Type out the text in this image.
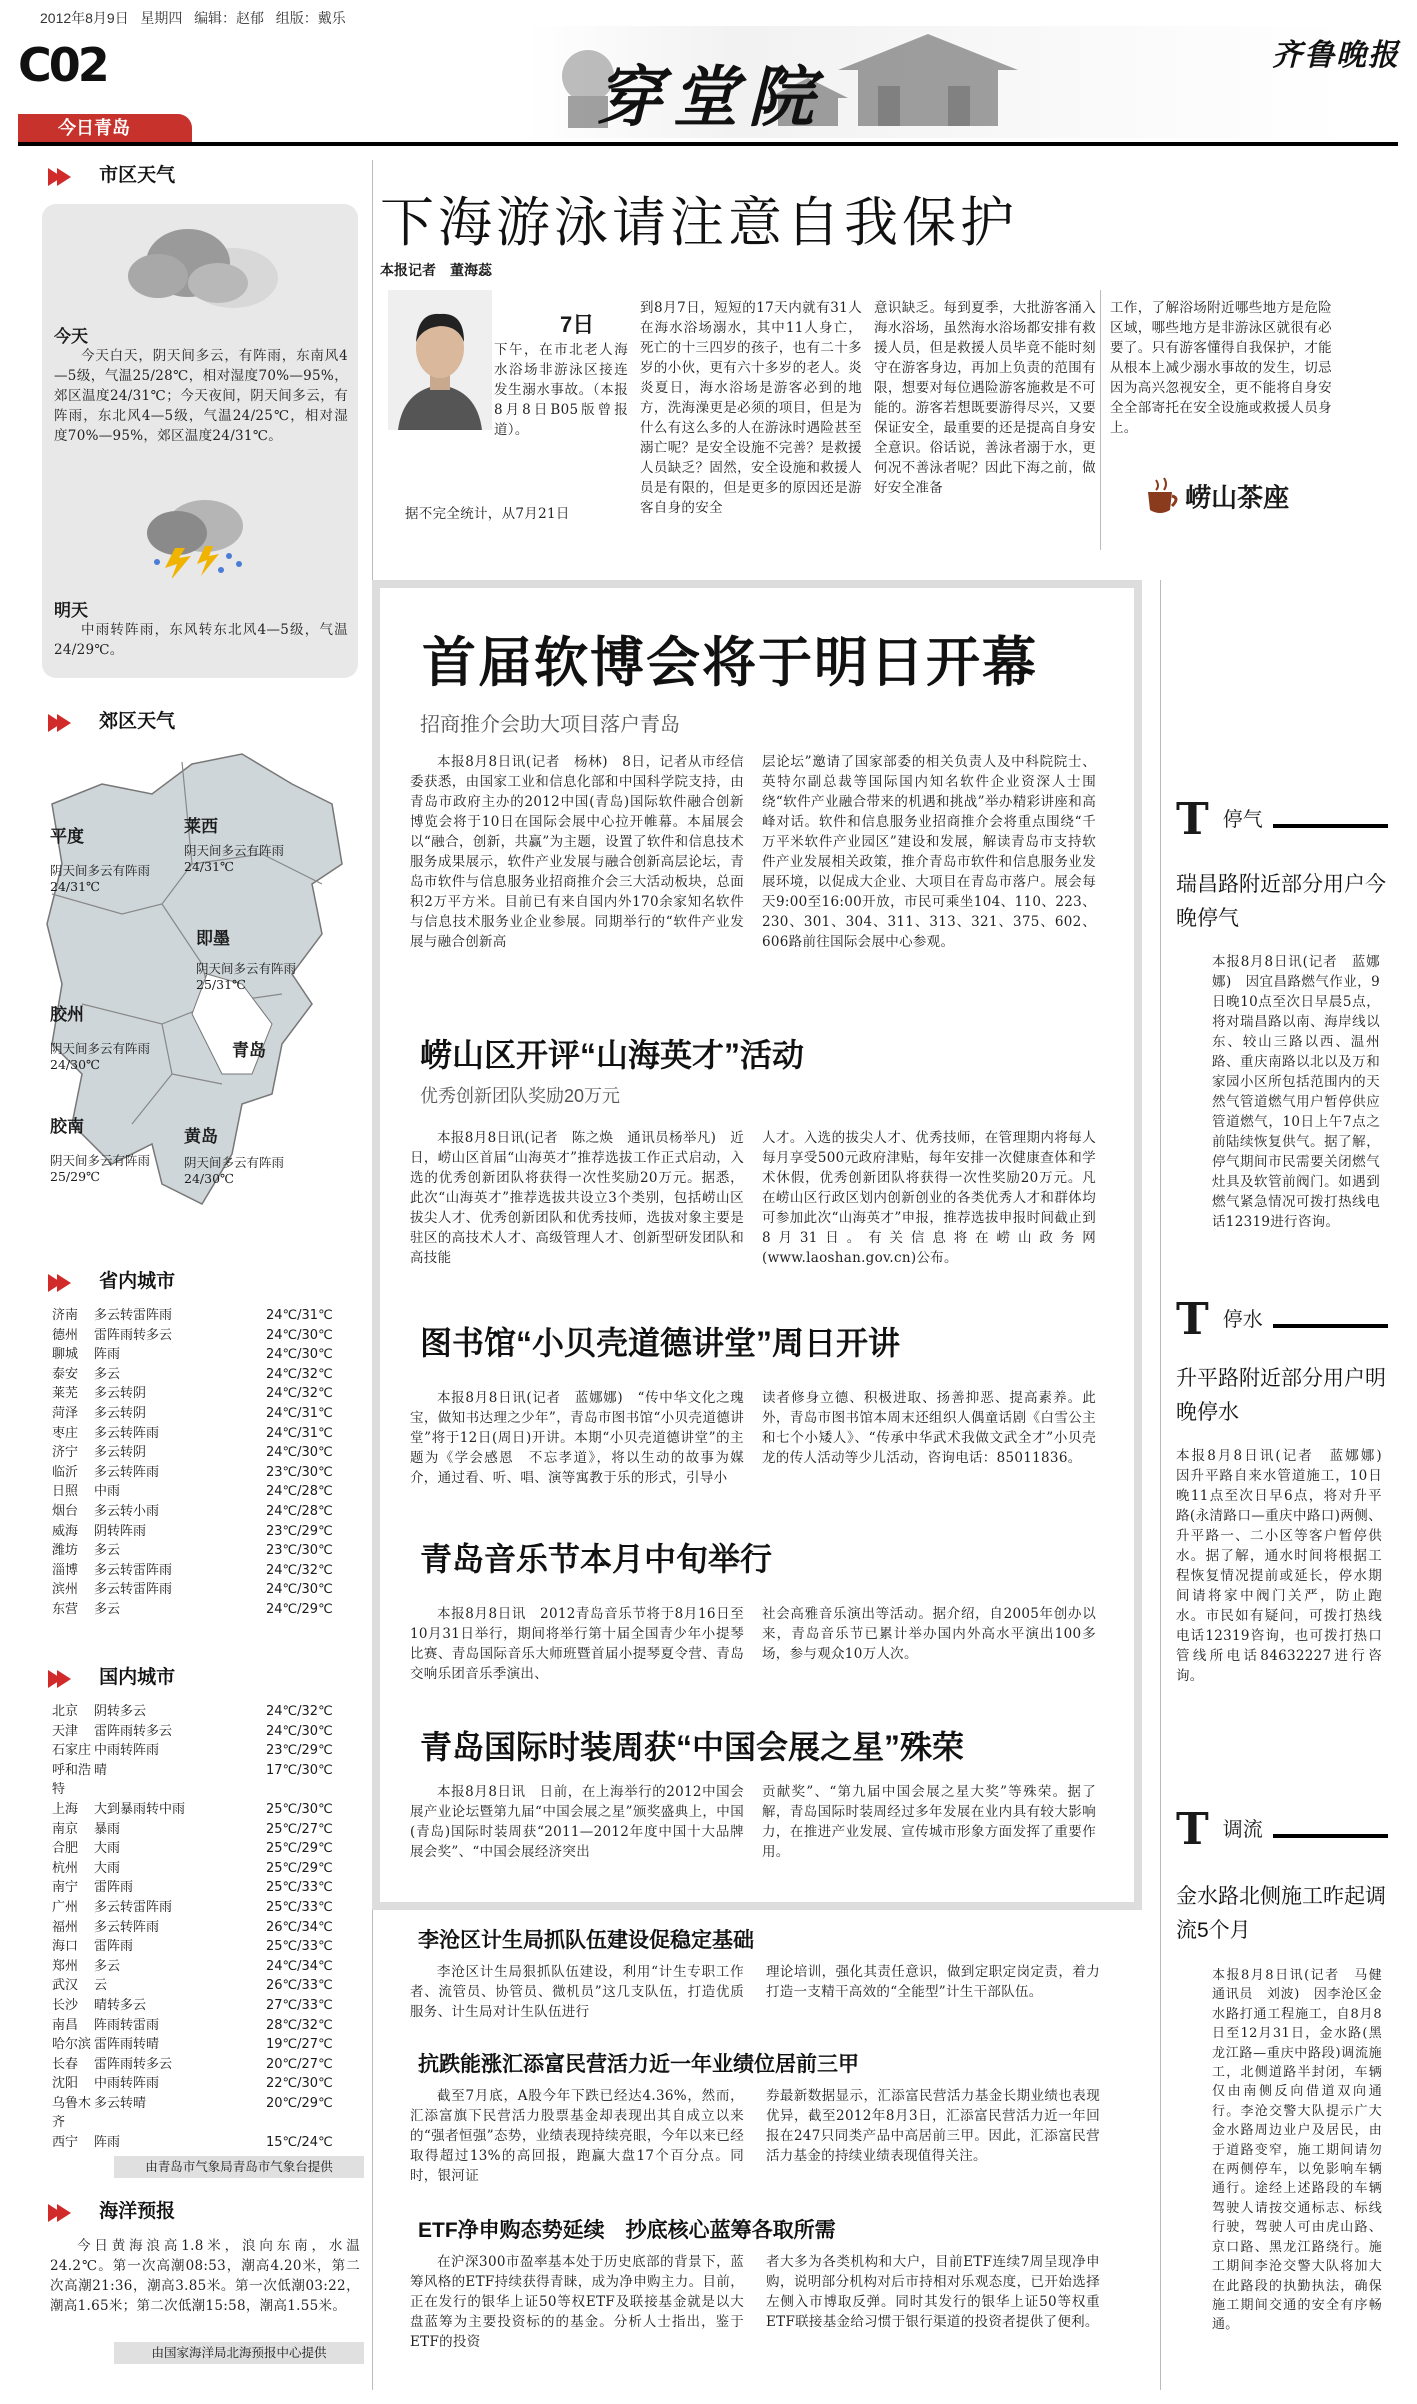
2012年8月9日 星期四 编辑：赵郁 组版：戴乐
C02
今日青岛	穿堂院
齐鲁晚报
市区天气
今天

今天白天，阴天间多云，有阵雨，东南风4—5级，气温25/28℃，相对湿度70%—95%，郊区温度24/31℃；今天夜间，阴天间多云，有阵雨，东北风4—5级，气温24/25℃，相对湿度70%—95%，郊区温度24/31℃。

明天

中雨转阵雨，东风转东北风4—5级，气温24/29℃。

郊区天气
平度
阴天间多云有阵雨
24/31℃
莱西
阴天间多云有阵雨
24/31℃
即墨
阴天间多云有阵雨
25/31℃
胶州
阴天间多云有阵雨
24/30℃
青岛
胶南
阴天间多云有阵雨
25/29℃
黄岛
阴天间多云有阵雨
24/30℃
省内城市
济南	多云转雷阵雨	24℃/31℃
德州	雷阵雨转多云	24℃/30℃
聊城	阵雨	24℃/30℃
泰安	多云	24℃/32℃
莱芜	多云转阴	24℃/32℃
菏泽	多云转阴	24℃/31℃
枣庄	多云转阵雨	24℃/31℃
济宁	多云转阴	24℃/30℃
临沂	多云转阵雨	23℃/30℃
日照	中雨	24℃/28℃
烟台	多云转小雨	24℃/28℃
威海	阴转阵雨	23℃/29℃
潍坊	多云	23℃/30℃
淄博	多云转雷阵雨	24℃/32℃
滨州	多云转雷阵雨	24℃/30℃
东营	多云	24℃/29℃
国内城市
北京	阴转多云	24℃/32℃
天津	雷阵雨转多云	24℃/30℃
石家庄 中雨转阵雨	23℃/29℃
呼和浩特
晴	17℃/30℃
上海	大到暴雨转中雨	25℃/30℃
南京	暴雨	25℃/27℃
合肥	大雨	25℃/29℃
杭州	大雨	25℃/29℃
南宁	雷阵雨	25℃/33℃
广州	多云转雷阵雨	25℃/33℃
福州	多云转阵雨	26℃/34℃
海口	雷阵雨	25℃/33℃
郑州	多云	24℃/34℃
武汉	云	26℃/33℃
长沙	晴转多云	27℃/33℃
南昌	阵雨转雷雨	28℃/32℃
哈尔滨 雷阵雨转晴	19℃/27℃
长春	雷阵雨转多云	20℃/27℃
沈阳	中雨转阵雨	22℃/30℃
乌鲁木齐
多云转晴	20℃/29℃
西宁	阵雨	15℃/24℃
由青岛市气象局青岛市气象台提供
海洋预报

今日黄海浪高1.8米，浪向东南，水温24.2℃。第一次高潮08:53，潮高4.20米，第二次高潮21:36，潮高3.85米。第一次低潮03:22，潮高1.65米；第二次低潮15:58，潮高1.55米。

由国家海洋局北海预报中心提供
下海游泳请注意自我保护
本报记者　董海蕊
7日
下午，在市北老人海水浴场非游泳区接连发生溺水事故。（本报8月8日B05版曾报道）。

据不完全统计，从7月21日

到8月7日，短短的17天内就有31人在海水浴场溺水，其中11人身亡，死亡的十三四岁的孩子，也有二十多岁的小伙，更有六十多岁的老人。炎炎夏日，海水浴场是游客必到的地方，洗海澡更是必须的项目，但是为什么有这么多的人在游泳时遇险甚至溺亡呢？是安全设施不完善？是救援人员缺乏？固然，安全设施和救援人员是有限的，但是更多的原因还是游客自身的安全
意识缺乏。每到夏季，大批游客涌入海水浴场，虽然海水浴场都安排有救援人员，但是救援人员毕竟不能时刻守在游客身边，再加上负责的范围有限，想要对每位遇险游客施救是不可能的。游客若想既要游得尽兴，又要保证安全，最重要的还是提高自身安全意识。俗话说，善泳者溺于水，更何况不善泳者呢？因此下海之前，做好安全准备
工作，了解浴场附近哪些地方是危险区域，哪些地方是非游泳区就很有必要了。只有游客懂得自我保护，才能从根本上减少溺水事故的发生，切忌因为高兴忽视安全，更不能将自身安全全部寄托在安全设施或救援人员身上。
崂山茶座
首届软博会将于明日开幕
招商推介会助大项目落户青岛

本报8月8日讯(记者　杨林)　8日，记者从市经信委获悉，由国家工业和信息化部和中国科学院支持，由青岛市政府主办的2012中国(青岛)国际软件融合创新博览会将于10日在国际会展中心拉开帷幕。本届展会以“融合，创新，共赢”为主题，设置了软件和信息技术服务成果展示，软件产业发展与融合创新高层论坛，青岛市软件与信息服务业招商推介会三大活动板块，总面积2万平方米。目前已有来自国内外170余家知名软件与信息技术服务业企业参展。同期举行的“软件产业发展与融合创新高

层论坛”邀请了国家部委的相关负责人及中科院院士、英特尔副总裁等国际国内知名软件企业资深人士围绕“软件产业融合带来的机遇和挑战”举办精彩讲座和高峰对话。软件和信息服务业招商推介会将重点围绕“千万平米软件产业园区”建设和发展，解读青岛市支持软件产业发展相关政策，推介青岛市软件和信息服务业发展环境，以促成大企业、大项目在青岛市落户。展会每天9:00至16:00开放，市民可乘坐104、110、223、230、301、304、311、313、321、375、602、606路前往国际会展中心参观。
崂山区开评“山海英才”活动
优秀创新团队奖励20万元

本报8月8日讯(记者　陈之焕　通讯员杨举凡)　近日，崂山区首届“山海英才”推荐选拔工作正式启动，入选的优秀创新团队将获得一次性奖励20万元。据悉，此次“山海英才”推荐选拔共设立3个类别，包括崂山区拔尖人才、优秀创新团队和优秀技师，选拔对象主要是驻区的高技术人才、高级管理人才、创新型研发团队和高技能

人才。入选的拔尖人才、优秀技师，在管理期内将每人每月享受500元政府津贴，每年安排一次健康查体和学术休假，优秀创新团队将获得一次性奖励20万元。凡在崂山区行政区划内创新创业的各类优秀人才和群体均可参加此次“山海英才”申报，推荐选拔申报时间截止到8月31日。有关信息将在崂山政务网(www.laoshan.gov.cn)公布。
图书馆“小贝壳道德讲堂”周日开讲

本报8月8日讯(记者　蓝娜娜)　“传中华文化之瑰宝，做知书达理之少年”，青岛市图书馆“小贝壳道德讲堂”将于12日(周日)开讲。本期“小贝壳道德讲堂”的主题为《学会感恩　不忘孝道》，将以生动的故事为媒介，通过看、听、唱、演等寓教于乐的形式，引导小

读者修身立德、积极进取、扬善抑恶、提高素养。此外，青岛市图书馆本周末还组织人偶童话剧《白雪公主和七个小矮人》、“传承中华武术我做文武全才”小贝壳龙的传人活动等少儿活动，咨询电话：85011836。
青岛音乐节本月中旬举行

本报8月8日讯　2012青岛音乐节将于8月16日至10月31日举行，期间将举行第十届全国青少年小提琴比赛、青岛国际音乐大师班暨首届小提琴夏令营、青岛交响乐团音乐季演出、

社会高雅音乐演出等活动。据介绍，自2005年创办以来，青岛音乐节已累计举办国内外高水平演出100多场，参与观众10万人次。
青岛国际时装周获“中国会展之星”殊荣

本报8月8日讯　日前，在上海举行的2012中国会展产业论坛暨第九届“中国会展之星”颁奖盛典上，中国(青岛)国际时装周获“2011—2012年度中国十大品牌展会奖”、“中国会展经济突出

贡献奖”、“第九届中国会展之星大奖”等殊荣。据了解，青岛国际时装周经过多年发展在业内具有较大影响力，在推进产业发展、宣传城市形象方面发挥了重要作用。
李沧区计生局抓队伍建设促稳定基础

李沧区计生局狠抓队伍建设，利用“计生专职工作者、流管员、协管员、微机员”这几支队伍，打造优质服务、计生局对计生队伍进行

理论培训，强化其责任意识，做到定职定岗定责，着力打造一支精干高效的“全能型”计生干部队伍。
抗跌能涨汇添富民营活力近一年业绩位居前三甲

截至7月底，A股今年下跌已经达4.36%，然而，汇添富旗下民营活力股票基金却表现出其自成立以来的“强者恒强”态势，业绩表现持续亮眼，今年以来已经取得超过13%的高回报，跑赢大盘17个百分点。同时，银河证

券最新数据显示，汇添富民营活力基金长期业绩也表现优异，截至2012年8月3日，汇添富民营活力近一年回报在247只同类产品中高居前三甲。因此，汇添富民营活力基金的持续业绩表现值得关注。
ETF净申购态势延续　抄底核心蓝筹各取所需

在沪深300市盈率基本处于历史底部的背景下，蓝筹风格的ETF持续获得青睐，成为净申购主力。目前，正在发行的银华上证50等权ETF及联接基金就是以大盘蓝筹为主要投资标的的基金。分析人士指出，鉴于ETF的投资

者大多为各类机构和大户，目前ETF连续7周呈现净申购，说明部分机构对后市持相对乐观态度，已开始选择左侧入市博取反弹。同时其发行的银华上证50等权重ETF联接基金给习惯于银行渠道的投资者提供了便利。
T 停气
瑞昌路附近部分用户今晚停气
本报8月8日讯(记者　蓝娜娜)　因宜昌路燃气作业，9日晚10点至次日早晨5点，将对瑞昌路以南、海岸线以东、较山三路以西、温州路、重庆南路以北以及万和家园小区所包括范围内的天然气管道燃气用户暂停供应管道燃气，10日上午7点之前陆续恢复供气。据了解，停气期间市民需要关闭燃气灶具及软管前阀门。如遇到燃气紧急情况可拨打热线电话12319进行咨询。
T 停水
升平路附近部分用户明晚停水
本报8月8日讯(记者　蓝娜娜)　因升平路自来水管道施工，10日晚11点至次日早6点，将对升平路(永清路口—重庆中路口)两侧、升平路一、二小区等客户暂停供水。据了解，通水时间将根据工程恢复情况提前或延长，停水期间请将家中阀门关严，防止跑水。市民如有疑问，可拨打热线电话12319咨询，也可拨打热口管线所电话84632227进行咨询。
T 调流
金水路北侧施工昨起调流5个月
本报8月8日讯(记者　马健　通讯员　刘波)　因李沧区金水路打通工程施工，自8月8日至12月31日，金水路(黑龙江路—重庆中路段)调流施工，北侧道路半封闭，车辆仅由南侧反向借道双向通行。李沧交警大队提示广大金水路周边业户及居民，由于道路变窄，施工期间请勿在两侧停车，以免影响车辆通行。途经上述路段的车辆驾驶人请按交通标志、标线行驶，驾驶人可由虎山路、京口路、黑龙江路绕行。施工期间李沧交警大队将加大在此路段的执勤执法，确保施工期间交通的安全有序畅通。
